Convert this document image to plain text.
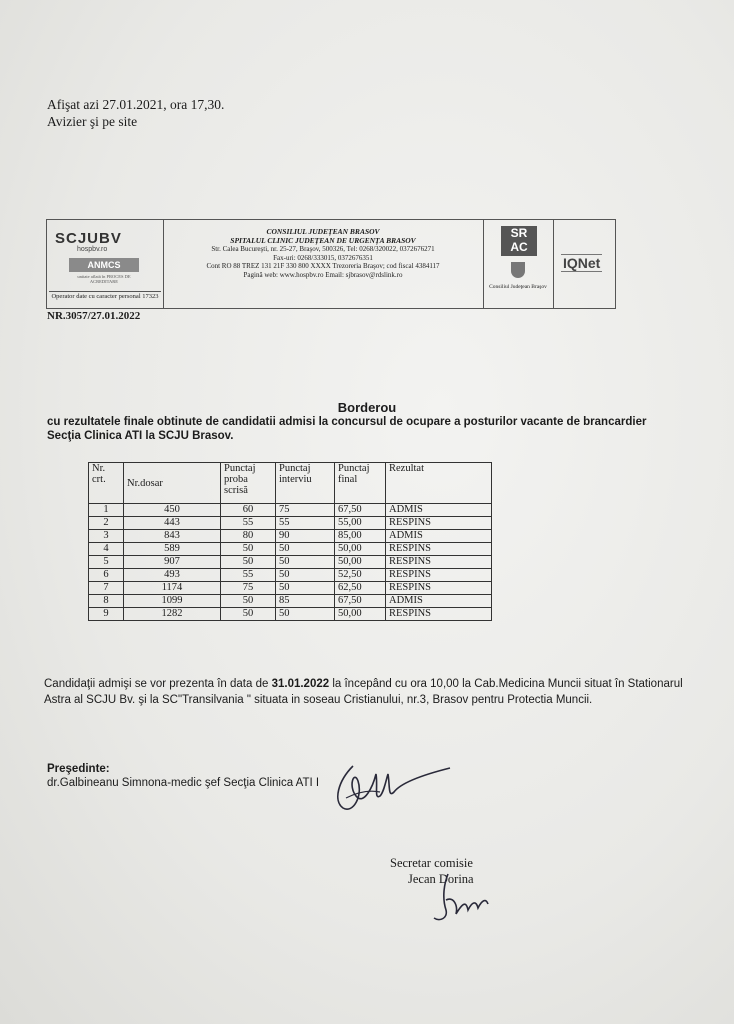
Afişat azi 27.01.2021, ora 17,30.
Avizier şi pe site
SCJUBV
hospbv.ro
ANMCS
unitate aflată în PROCES DE ACREDITARE
Operator date cu caracter personal 17323
CONSILIUL JUDEŢEAN BRASOV
SPITALUL CLINIC JUDEŢEAN DE URGENŢA BRASOV
Str. Calea Bucureşti, nr. 25-27, Braşov, 500326, Tel: 0268/320022, 0372676271
Fax-uri: 0268/333015, 0372676351
Cont RO 88 TREZ 131 21F 330 800 XXXX Trezoreria Braşov; cod fiscal 4384117
Pagină web: www.hospbv.ro Email: sjbrasov@rdslink.ro
SR AC
Consiliul Judeţean Braşov
IQNet
NR.3057/27.01.2022
Borderou
cu rezultatele finale obtinute de candidatii admisi la concursul de ocupare a posturilor vacante de brancardier Secţia Clinica ATI la SCJU Brasov.
Nr. crt.	Nr.dosar	Punctaj proba scrisă	Punctaj interviu	Punctaj final	Rezultat
1	450	60	75	67,50	ADMIS
2	443	55	55	55,00	RESPINS
3	843	80	90	85,00	ADMIS
4	589	50	50	50,00	RESPINS
5	907	50	50	50,00	RESPINS
6	493	55	50	52,50	RESPINS
7	1174	75	50	62,50	RESPINS
8	1099	50	85	67,50	ADMIS
9	1282	50	50	50,00	RESPINS
Candidaţii admişi se vor prezenta în data de 31.01.2022 la începând cu ora 10,00 la Cab.Medicina Muncii situat în Stationarul Astra al SCJU Bv. şi la SC"Transilvania " situata in soseau Cristianului, nr.3, Brasov pentru Protectia Muncii.
Preşedinte:
dr.Galbineanu Simnona-medic şef Secţia Clinica ATI I
Secretar comisie
Jecan Dorina
